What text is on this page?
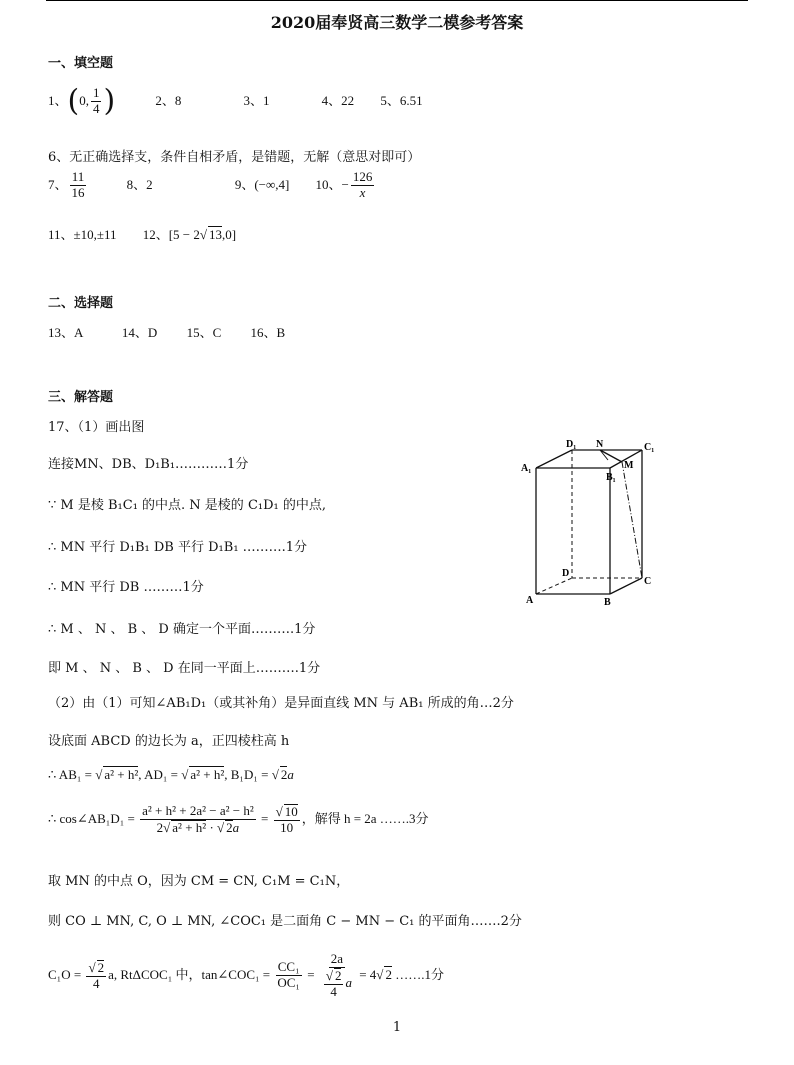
2020届奉贤高三数学二模参考答案
一、填空题
1、(0, $\frac{1}{4}$ )	2、8	3、1	4、22 5、6.51
6、无正确选择支，条件自相矛盾，是错题，无解（意思对即可）
7、 $\frac{11}{16}$	8、2	9、(−∞,4] 10、− $\frac{126}{x}$
11、±10,±11 12、[5 − 2√ 13,0]
二、选择题
13、A	14、D 15、C 16、B
三、解答题
17、（1）画出图
连接MN、DB、D₁B₁…………1分
∵ M 是棱 B₁C₁ 的中点. N 是棱的 C₁D₁ 的中点,
∴ MN 平行 D₁B₁ DB 平行 D₁B₁ ……….1分
∴ MN 平行 DB ………1分
∴ M 、 N 、 B 、 D 确定一个平面……….1分
即 M 、 N 、 B 、 D 在同一平面上……….1分
（2）由（1）可知∠AB₁D₁（或其补角）是异面直线 MN 与 AB₁ 所成的角…2分
设底面 ABCD 的边长为 a，正四棱柱高 h
∴ AB₁ = √ a² + h², AD₁ = √ a² + h², B₁D₁ = √ 2a
∴ cos∠AB₁D₁ = $\frac{\text{a² + h² + 2a² − a² − h²}}{\text{2√ a² + h² · √ 2a}} = \frac{√ 10}{10}$ ，解得 h = 2a …….3分
取 MN 的中点 O，因为 CM = CN, C₁M = C₁N，
则 CO ⊥ MN, C, O ⊥ MN, ∠COC₁ 是二面角 C − MN − C₁ 的平面角…….2分
$C_1O = \frac{√ 2}{4} a$, RtΔCOC₁ 中，tan∠COC₁ = $\frac{\text{CC₁}}{\text{OC₁}} = \frac{2a}{\frac{√ 2}{4} a} = 4√$ 2 …….1分
D₁ N	C₁
A₁	M
B₁
D
C
A	B
1
